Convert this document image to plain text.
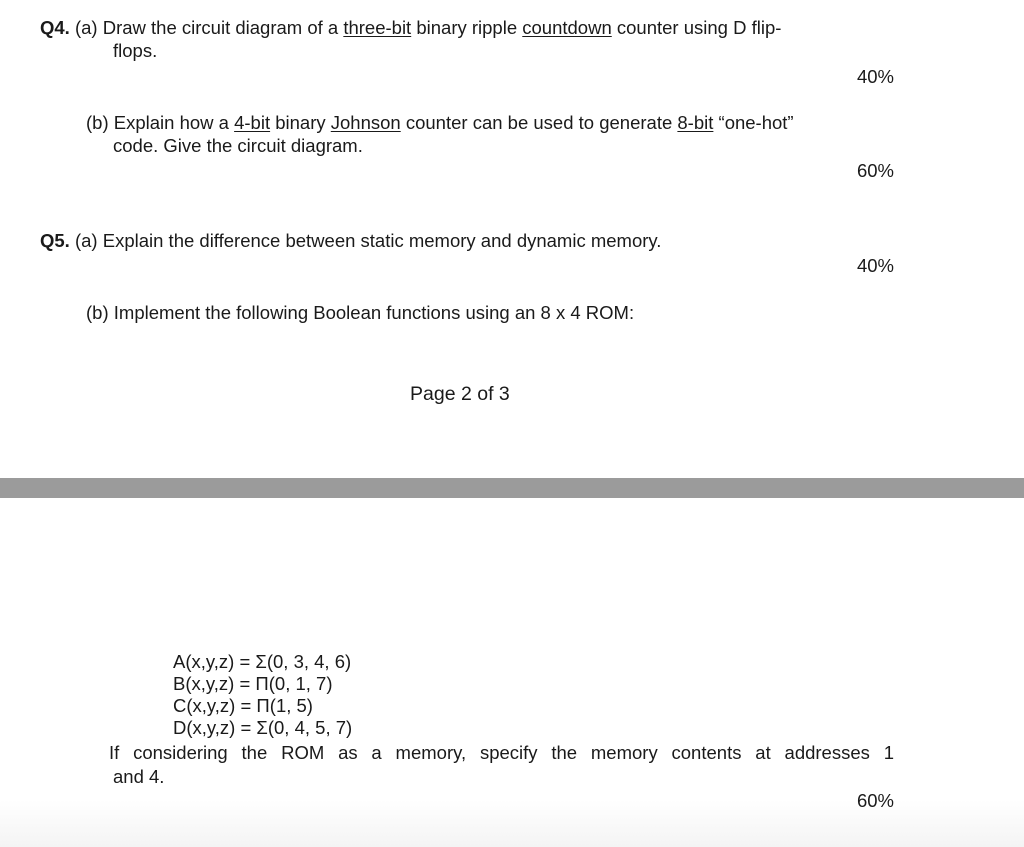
Q4. (a) Draw the circuit diagram of a three-bit binary ripple countdown counter using D flip-
flops.
40%
(b) Explain how a 4-bit binary Johnson counter can be used to generate 8-bit “one-hot”
code. Give the circuit diagram.
60%
Q5. (a) Explain the difference between static memory and dynamic memory.
40%
(b) Implement the following Boolean functions using an 8 x 4 ROM:
Page 2 of 3
A(x,y,z) = Σ(0, 3, 4, 6)
B(x,y,z) = Π(0, 1, 7)
C(x,y,z) = Π(1, 5)
D(x,y,z) = Σ(0, 4, 5, 7)
If considering the ROM as a memory, specify the memory contents at addresses 1
and 4.
60%
